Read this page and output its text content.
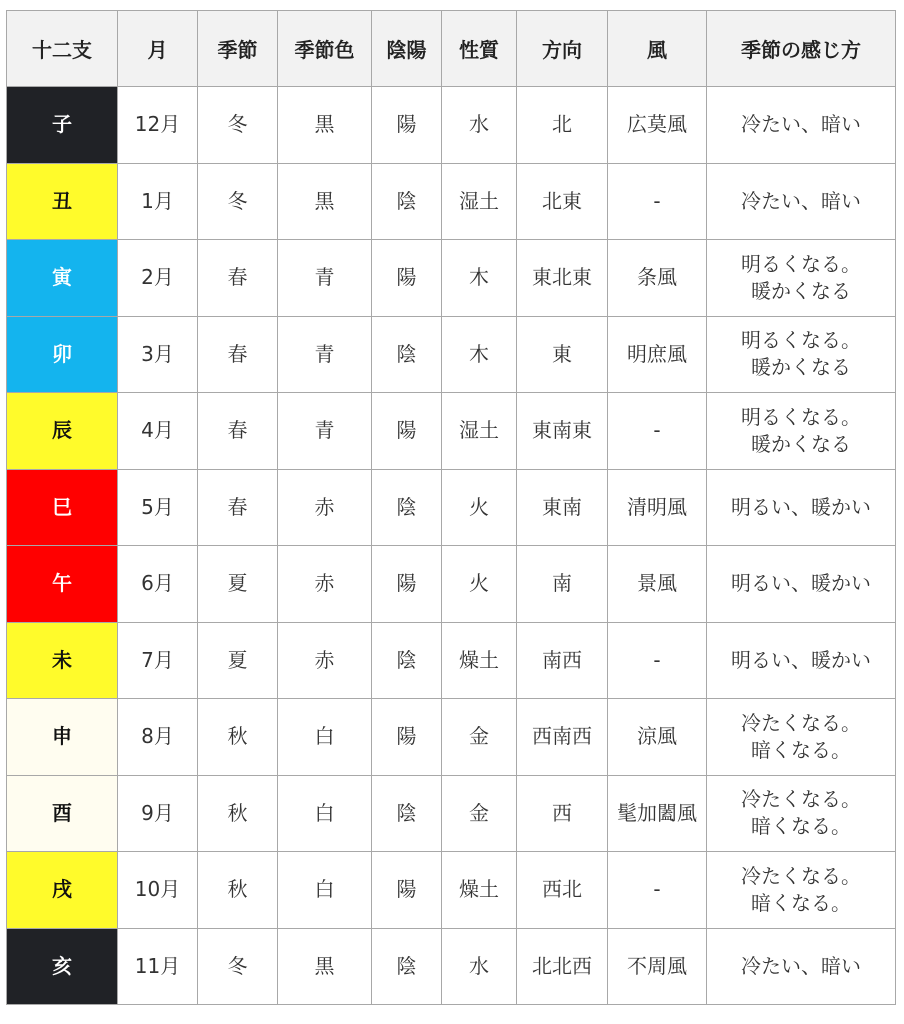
十二支	月	季節	季節色	陰陽	性質	方向	風	季節の感じ方
子	12月	冬	黒	陽	水	北	広莫風	冷たい、暗い

丑	1月	冬	黒	陰	湿土	北東	-	冷たい、暗い

寅	2月	春	青	陽	木	東北東	条風	明るくなる。
暖かくなる

卯	3月	春	青	陰	木	東	明庶風	明るくなる。
暖かくなる

辰	4月	春	青	陽	湿土	東南東	-	明るくなる。
暖かくなる

巳	5月	春	赤	陰	火	東南	清明風	明るい、暖かい

午	6月	夏	赤	陽	火	南	景風	明るい、暖かい

未	7月	夏	赤	陰	燥土	南西	-	明るい、暖かい

申	8月	秋	白	陽	金	西南西	涼風	冷たくなる。
暗くなる。

酉	9月	秋	白	陰	金	西	髦加闔風	冷たくなる。
暗くなる。

戌	10月	秋	白	陽	燥土	西北	-	冷たくなる。
暗くなる。

亥	11月	冬	黒	陰	水	北北西	不周風	冷たい、暗い
